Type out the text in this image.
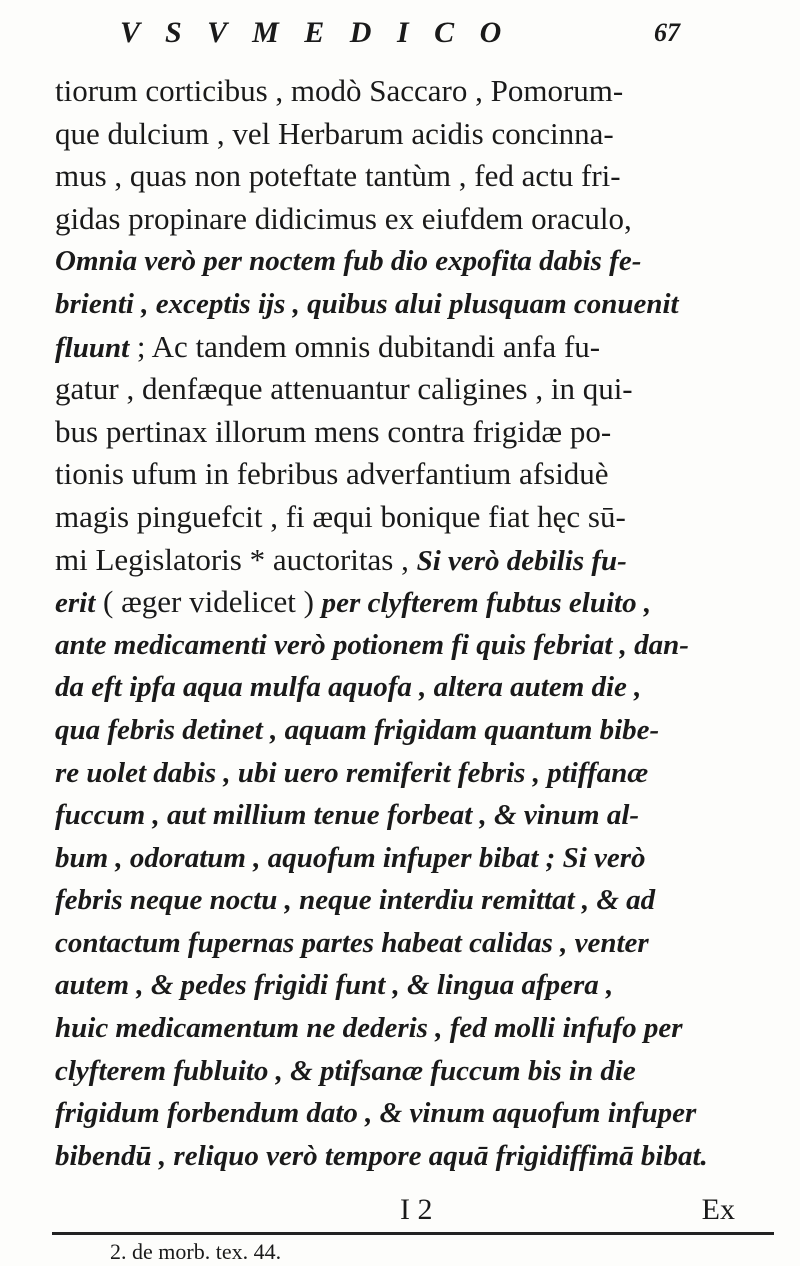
V S V M E D I C O	67
tiorum corticibus , modò Saccaro , Pomorum-
que dulcium , vel Herbarum acidis concinna-
mus , quas non poteftate tantùm , fed actu fri-
gidas propinare didicimus ex eiufdem oraculo,
Omnia verò per noctem fub dio expofita dabis fe-
brienti , exceptis ijs , quibus alui plusquam conuenit
fluunt ; Ac tandem omnis dubitandi anfa fu-
gatur , denfæque attenuantur caligines , in qui-
bus pertinax illorum mens contra frigidæ po-
tionis ufum in febribus adverfantium afsiduè
magis pinguefcit , fi æqui bonique fiat hęc sū-
mi Legislatoris * auctoritas , Si verò debilis fu-
erit ( æger videlicet ) per clyfterem fubtus eluito ,
ante medicamenti verò potionem fi quis febriat , dan-
da eft ipfa aqua mulfa aquofa , altera autem die ,
qua febris detinet , aquam frigidam quantum bibe-
re uolet dabis , ubi uero remiferit febris , ptiffanæ
fuccum , aut millium tenue forbeat , & vinum al-
bum , odoratum , aquofum infuper bibat ; Si verò
febris neque noctu , neque interdiu remittat , & ad
contactum fupernas partes habeat calidas , venter
autem , & pedes frigidi funt , & lingua afpera ,
huic medicamentum ne dederis , fed molli infufo per
clyfterem fubluito , & ptifsanæ fuccum bis in die
frigidum forbendum dato , & vinum aquofum infuper
bibendū , reliquo verò tempore aquā frigidiffimā bibat.
I 2	Ex
2. de morb. tex. 44.
